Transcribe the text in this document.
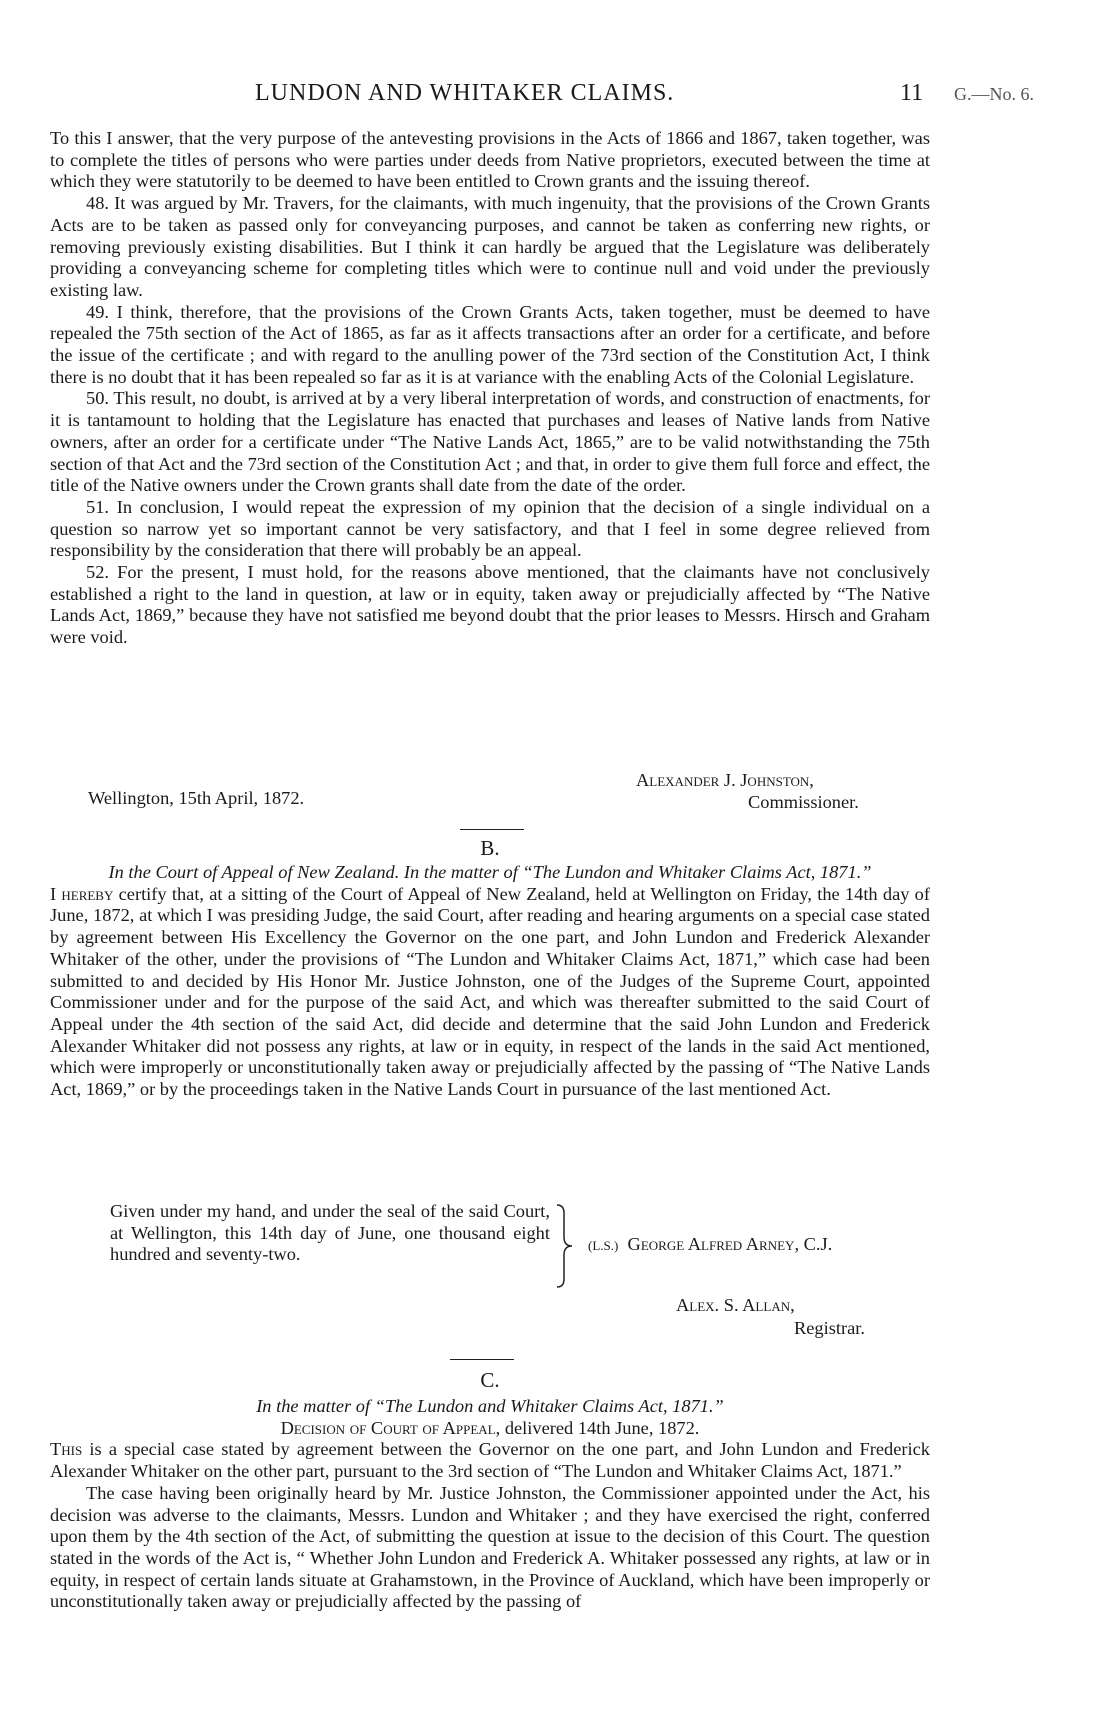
LUNDON AND WHITAKER CLAIMS.	11 G.—No. 6.

To this I answer, that the very purpose of the antevesting provisions in the Acts of 1866 and 1867, taken together, was to complete the titles of persons who were parties under deeds from Native proprietors, executed between the time at which they were statutorily to be deemed to have been entitled to Crown grants and the issuing thereof.

48. It was argued by Mr. Travers, for the claimants, with much ingenuity, that the provisions of the Crown Grants Acts are to be taken as passed only for conveyancing purposes, and cannot be taken as conferring new rights, or removing previously existing disabilities. But I think it can hardly be argued that the Legislature was deliberately providing a conveyancing scheme for completing titles which were to continue null and void under the previously existing law.

49. I think, therefore, that the provisions of the Crown Grants Acts, taken together, must be deemed to have repealed the 75th section of the Act of 1865, as far as it affects transactions after an order for a certificate, and before the issue of the certificate ; and with regard to the anulling power of the 73rd section of the Constitution Act, I think there is no doubt that it has been repealed so far as it is at variance with the enabling Acts of the Colonial Legislature.

50. This result, no doubt, is arrived at by a very liberal interpretation of words, and construction of enactments, for it is tantamount to holding that the Legislature has enacted that purchases and leases of Native lands from Native owners, after an order for a certificate under “The Native Lands Act, 1865,” are to be valid notwithstanding the 75th section of that Act and the 73rd section of the Constitution Act ; and that, in order to give them full force and effect, the title of the Native owners under the Crown grants shall date from the date of the order.

51. In conclusion, I would repeat the expression of my opinion that the decision of a single individual on a question so narrow yet so important cannot be very satisfactory, and that I feel in some degree relieved from responsibility by the consideration that there will probably be an appeal.

52. For the present, I must hold, for the reasons above mentioned, that the claimants have not conclusively established a right to the land in question, at law or in equity, taken away or prejudicially affected by “The Native Lands Act, 1869,” because they have not satisfied me beyond doubt that the prior leases to Messrs. Hirsch and Graham were void.

Wellington, 15th April, 1872.
Alexander J. Johnston,
Commissioner.
B.

In the Court of Appeal of New Zealand. In the matter of “The Lundon and Whitaker Claims Act, 1871.”

I hereby certify that, at a sitting of the Court of Appeal of New Zealand, held at Wellington on Friday, the 14th day of June, 1872, at which I was presiding Judge, the said Court, after reading and hearing arguments on a special case stated by agreement between His Excellency the Governor on the one part, and John Lundon and Frederick Alexander Whitaker of the other, under the provisions of “The Lundon and Whitaker Claims Act, 1871,” which case had been submitted to and decided by His Honor Mr. Justice Johnston, one of the Judges of the Supreme Court, appointed Commissioner under and for the purpose of the said Act, and which was thereafter submitted to the said Court of Appeal under the 4th section of the said Act, did decide and determine that the said John Lundon and Frederick Alexander Whitaker did not possess any rights, at law or in equity, in respect of the lands in the said Act mentioned, which were improperly or unconstitutionally taken away or prejudicially affected by the passing of “The Native Lands Act, 1869,” or by the proceedings taken in the Native Lands Court in pursuance of the last mentioned Act.

Given under my hand, and under the seal of the said Court, at Wellington, this 14th day of June, one thousand eight hundred and seventy-two.	(L.S.) George Alfred Arney, C.J.
Alex. S. Allan,
Registrar.
C.

In the matter of “The Lundon and Whitaker Claims Act, 1871.”

Decision of Court of Appeal, delivered 14th June, 1872.

This is a special case stated by agreement between the Governor on the one part, and John Lundon and Frederick Alexander Whitaker on the other part, pursuant to the 3rd section of “The Lundon and Whitaker Claims Act, 1871.”

The case having been originally heard by Mr. Justice Johnston, the Commissioner appointed under the Act, his decision was adverse to the claimants, Messrs. Lundon and Whitaker ; and they have exercised the right, conferred upon them by the 4th section of the Act, of submitting the question at issue to the decision of this Court. The question stated in the words of the Act is, “ Whether John Lundon and Frederick A. Whitaker possessed any rights, at law or in equity, in respect of certain lands situate at Grahamstown, in the Province of Auckland, which have been improperly or unconstitutionally taken away or prejudicially affected by the passing of
